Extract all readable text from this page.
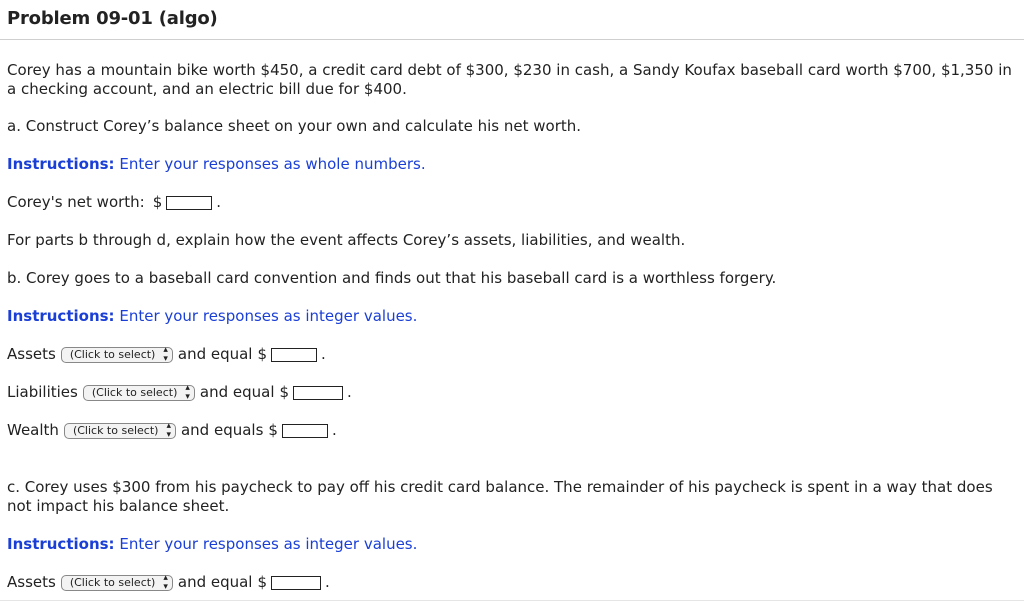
Problem 09-01 (algo)
Corey has a mountain bike worth $450, a credit card debt of $300, $230 in cash, a Sandy Koufax baseball card worth $700, $1,350 in a checking account, and an electric bill due for $400.
a. Construct Corey’s balance sheet on your own and calculate his net worth.
Instructions: Enter your responses as whole numbers.
Corey's net worth: $	.
For parts b through d, explain how the event affects Corey’s assets, liabilities, and wealth.
b. Corey goes to a baseball card convention and finds out that his baseball card is a worthless forgery.
Instructions: Enter your responses as integer values.
Assets (Click to select) ▴
▾ and equal $	.
Liabilities (Click to select) ▴
▾ and equal $	.
Wealth (Click to select) ▴
▾ and equals $	.
c. Corey uses $300 from his paycheck to pay off his credit card balance. The remainder of his paycheck is spent in a way that does not impact his balance sheet.
Instructions: Enter your responses as integer values.
Assets (Click to select) ▴
▾ and equal $	.
